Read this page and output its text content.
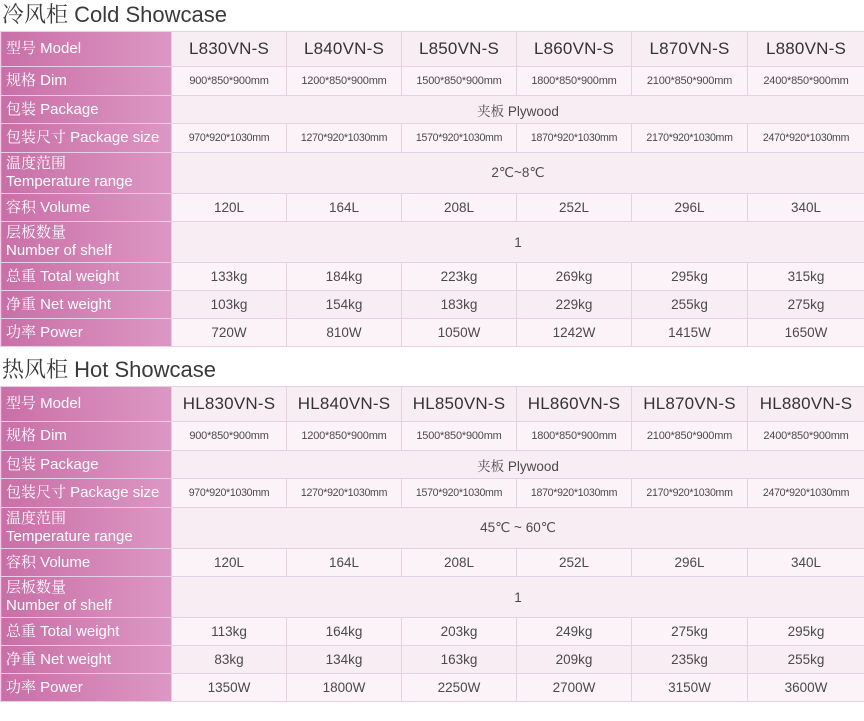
冷风柜 Cold Showcase
型号 Model	L830VN-S	L840VN-S	L850VN-S	L860VN-S	L870VN-S	L880VN-S
规格 Dim	900*850*900mm	1200*850*900mm	1500*850*900mm	1800*850*900mm	2100*850*900mm	2400*850*900mm
包装 Package	夹板 Plywood					
包装尺寸 Package size	970*920*1030mm	1270*920*1030mm	1570*920*1030mm	1870*920*1030mm	2170*920*1030mm	2470*920*1030mm

温度范围
Temperature range	2℃~8℃					
容积 Volume	120L	164L	208L	252L	296L	340L

层板数量
Number of shelf	1					
总重 Total weight	133kg	184kg	223kg	269kg	295kg	315kg
净重 Net weight	103kg	154kg	183kg	229kg	255kg	275kg
功率 Power	720W	810W	1050W	1242W	1415W	1650W
热风柜 Hot Showcase
型号 Model	HL830VN-S	HL840VN-S	HL850VN-S	HL860VN-S	HL870VN-S	HL880VN-S
规格 Dim	900*850*900mm	1200*850*900mm	1500*850*900mm	1800*850*900mm	2100*850*900mm	2400*850*900mm
包装 Package	夹板 Plywood					
包装尺寸 Package size	970*920*1030mm	1270*920*1030mm	1570*920*1030mm	1870*920*1030mm	2170*920*1030mm	2470*920*1030mm

温度范围
Temperature range	45℃ ~ 60℃					
容积 Volume	120L	164L	208L	252L	296L	340L

层板数量
Number of shelf	1					
总重 Total weight	113kg	164kg	203kg	249kg	275kg	295kg
净重 Net weight	83kg	134kg	163kg	209kg	235kg	255kg
功率 Power	1350W	1800W	2250W	2700W	3150W	3600W
